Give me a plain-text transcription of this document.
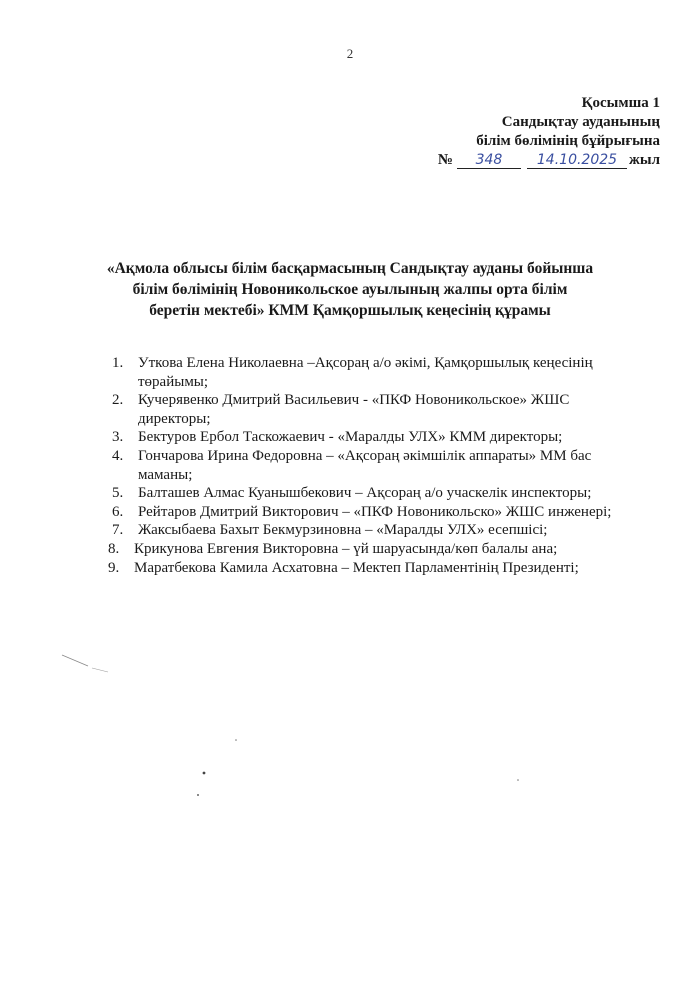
2
Қосымша 1
Сандықтау ауданының
білім бөлімінің бұйрығына
№ 348 14.10.2025 жыл
«Ақмола облысы білім басқармасының Сандықтау ауданы бойынша
білім бөлімінің Новоникольское ауылының жалпы орта білім
беретін мектебі» КММ Қамқоршылық кеңесінің құрамы
1. Уткова Елена Николаевна –Ақсораң а/о әкімі, Қамқоршылық кеңесінің
төрайымы;
2. Кучерявенко Дмитрий Васильевич - «ПКФ Новоникольское» ЖШС
директоры;
3. Бектуров Ербол Таскожаевич - «Маралды УЛХ» КММ директоры;
4. Гончарова Ирина Федоровна – «Ақсораң әкімшілік аппараты» ММ бас
маманы;
5. Балташев Алмас Куанышбекович – Ақсораң а/о учаскелік инспекторы;
6. Рейтаров Дмитрий Викторович – «ПКФ Новоникольско» ЖШС инженері;
7. Жаксыбаева Бахыт Бекмурзиновна – «Маралды УЛХ» есепшісі;
8. Крикунова Евгения Викторовна – үй шаруасында/көп балалы ана;
9. Маратбекова Камила Асхатовна – Мектеп Парламентінің Президенті;
